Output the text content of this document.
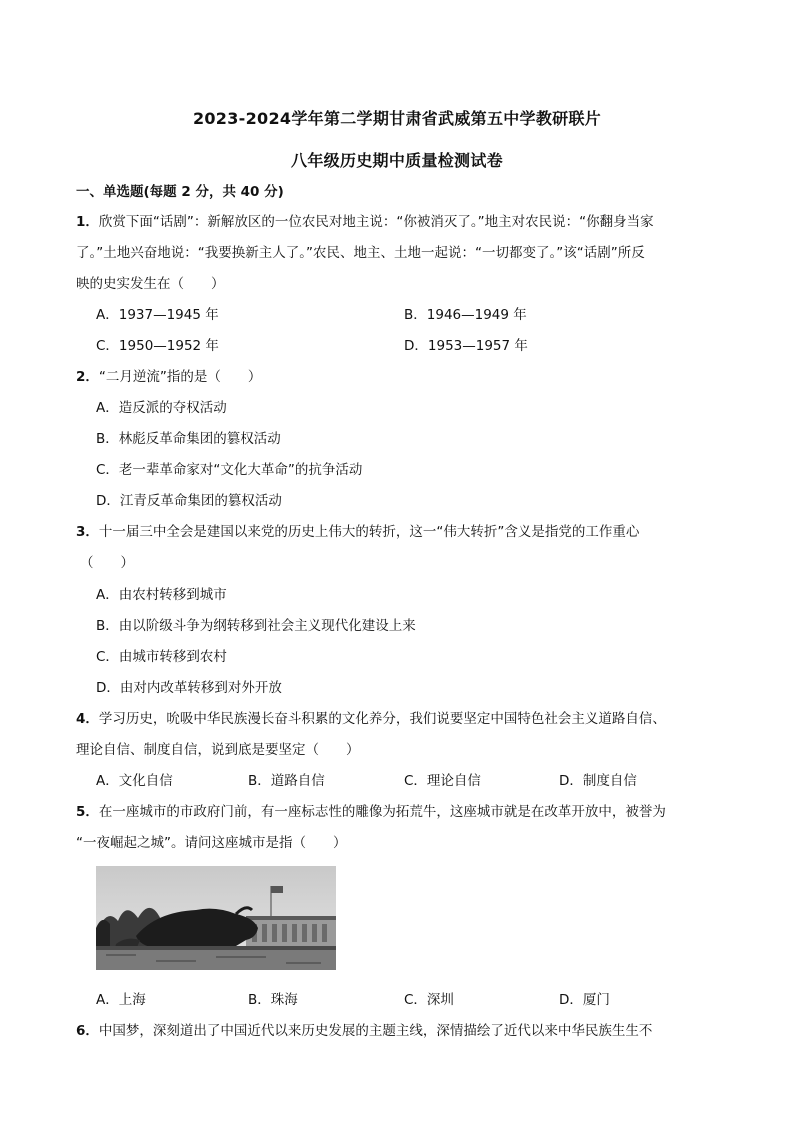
2023-2024学年第二学期甘肃省武威第五中学教研联片
八年级历史期中质量检测试卷
一、单选题(每题 2 分，共 40 分)
1．欣赏下面“话剧”：新解放区的一位农民对地主说：“你被消灭了。”地主对农民说：“你翻身当家
了。”土地兴奋地说：“我要换新主人了。”农民、地主、土地一起说：“一切都变了。”该“话剧”所反
映的史实发生在（　　）
A．1937—1945 年	B．1946—1949 年
C．1950—1952 年	D．1953—1957 年
2．“二月逆流”指的是（　　）
A．造反派的夺权活动
B．林彪反革命集团的篡权活动
C．老一辈革命家对“文化大革命”的抗争活动
D．江青反革命集团的篡权活动
3．十一届三中全会是建国以来党的历史上伟大的转折，这一“伟大转折”含义是指党的工作重心
（　　）
A．由农村转移到城市
B．由以阶级斗争为纲转移到社会主义现代化建设上来
C．由城市转移到农村
D．由对内改革转移到对外开放
4．学习历史，吮吸中华民族漫长奋斗积累的文化养分，我们说要坚定中国特色社会主义道路自信、
理论自信、制度自信，说到底是要坚定（　　）
A．文化自信	B．道路自信	C．理论自信	D．制度自信
5．在一座城市的市政府门前，有一座标志性的雕像为拓荒牛，这座城市就是在改革开放中，被誉为
“一夜崛起之城”。请问这座城市是指（　　）
A．上海	B．珠海	C．深圳	D．厦门
6．中国梦，深刻道出了中国近代以来历史发展的主题主线，深情描绘了近代以来中华民族生生不
